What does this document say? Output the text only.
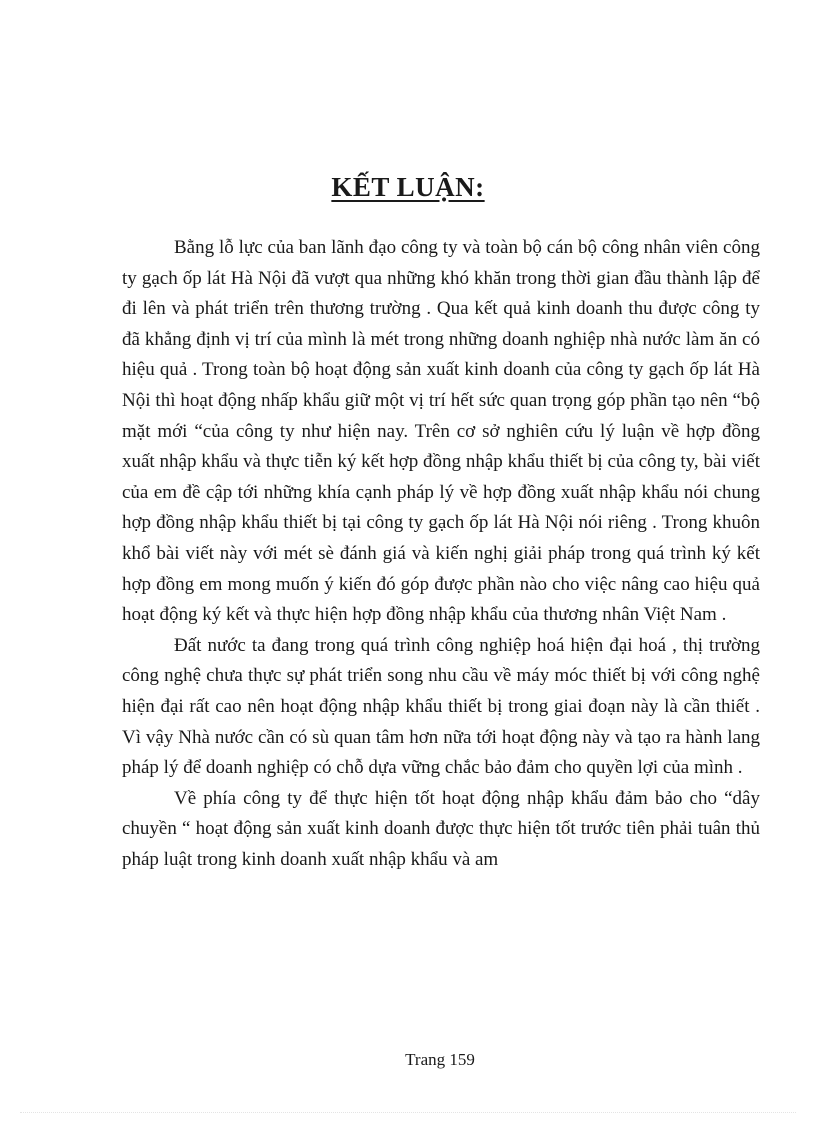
KẾT LUẬN:

Bằng lỗ lực của ban lãnh đạo công ty và toàn bộ cán bộ công nhân viên công ty gạch ốp lát Hà Nội đã vượt qua những khó khăn trong thời gian đầu thành lập để đi lên và phát triển trên thương trường . Qua kết quả kinh doanh thu được công ty đã khẳng định vị trí của mình là mét trong những doanh nghiệp nhà nước làm ăn có hiệu quả . Trong toàn bộ hoạt động sản xuất kinh doanh của công ty gạch ốp lát Hà Nội thì hoạt động nhấp khẩu giữ một vị trí hết sức quan trọng góp phần tạo nên “bộ mặt mới “của công ty như hiện nay. Trên cơ sở nghiên cứu lý luận về hợp đồng xuất nhập khẩu và thực tiễn ký kết hợp đồng nhập khẩu thiết bị của công ty, bài viết của em đề cập tới những khía cạnh pháp lý về hợp đồng xuất nhập khẩu nói chung hợp đồng nhập khẩu thiết bị tại công ty gạch ốp lát Hà Nội nói riêng . Trong khuôn khổ bài viết này với mét sè đánh giá và kiến nghị giải pháp trong quá trình ký kết hợp đồng em mong muốn ý kiến đó góp được phần nào cho việc nâng cao hiệu quả hoạt động ký kết và thực hiện hợp đồng nhập khẩu của thương nhân Việt Nam .

Đất nước ta đang trong quá trình công nghiệp hoá hiện đại hoá , thị trường công nghệ chưa thực sự phát triển song nhu cầu về máy móc thiết bị với công nghệ hiện đại rất cao nên hoạt động nhập khẩu thiết bị trong giai đoạn này là cần thiết . Vì vậy Nhà nước cần có sù quan tâm hơn nữa tới hoạt động này và tạo ra hành lang pháp lý để doanh nghiệp có chỗ dựa vững chắc bảo đảm cho quyền lợi của mình .

Về phía công ty để thực hiện tốt hoạt động nhập khẩu đảm bảo cho “dây chuyền “ hoạt động sản xuất kinh doanh được thực hiện tốt trước tiên phải tuân thủ pháp luật trong kinh doanh xuất nhập khẩu và am

Trang 159
